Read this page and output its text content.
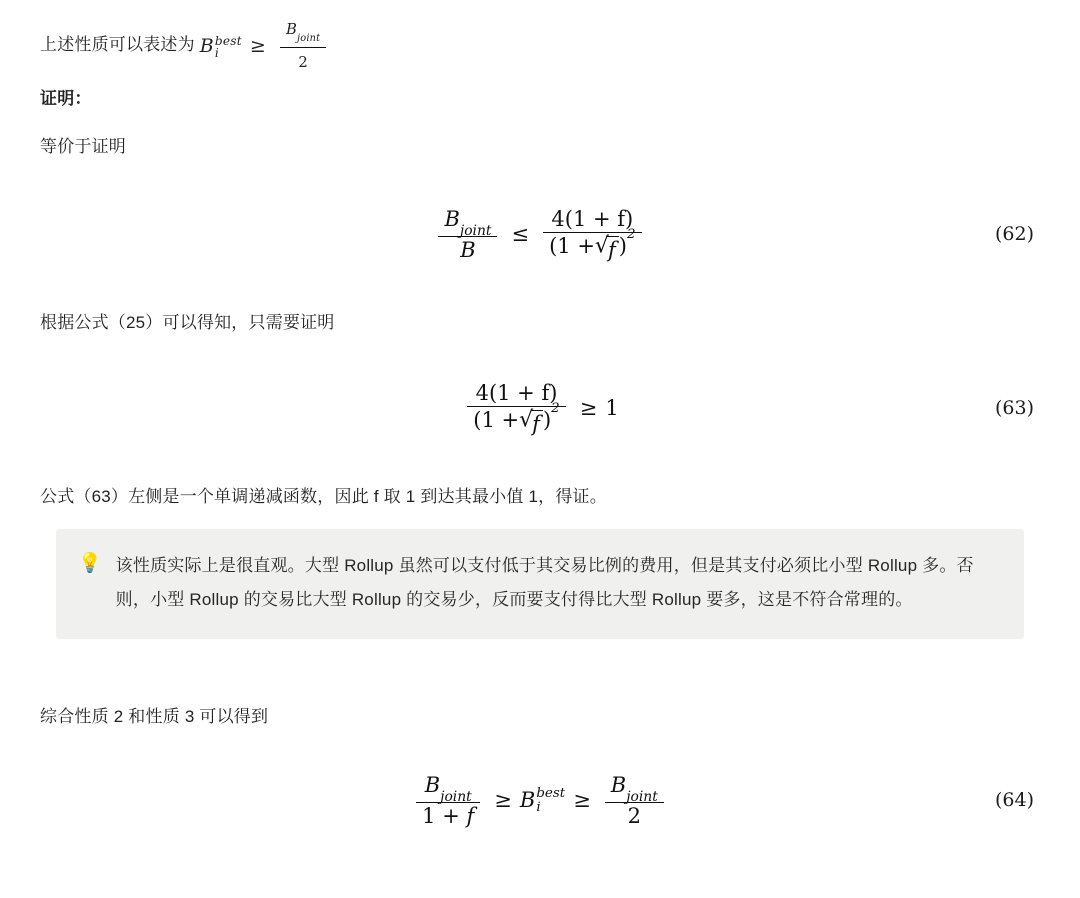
上述性质可以表述为 B best
i	≥ $\frac{B_{joint}}{2}$

证明：

等价于证明

$\frac{B_{joint}}{B} \le \frac{4(1 + f)}{(1 + √ f )^2}$	(62)

根据公式（25）可以得知，只需要证明

$\frac{4(1 + f)}{(1 + √ f )^2} \ge 1$	(63)

公式（63）左侧是一个单调递减函数，因此 f 取 1 到达其最小值 1，得证。

💡 该性质实际上是很直观。大型 Rollup 虽然可以支付低于其交易比例的费用，但是其支付必须比小型 Rollup 多。否则，小型 Rollup 的交易比大型 Rollup 的交易少，反而要支付得比大型 Rollup 要多，这是不符合常理的。

综合性质 2 和性质 3 可以得到

$\frac{B_{joint}}{1 + f} \ge B$ best
i	≥ $\frac{B_{joint}}{2}$	(64)
